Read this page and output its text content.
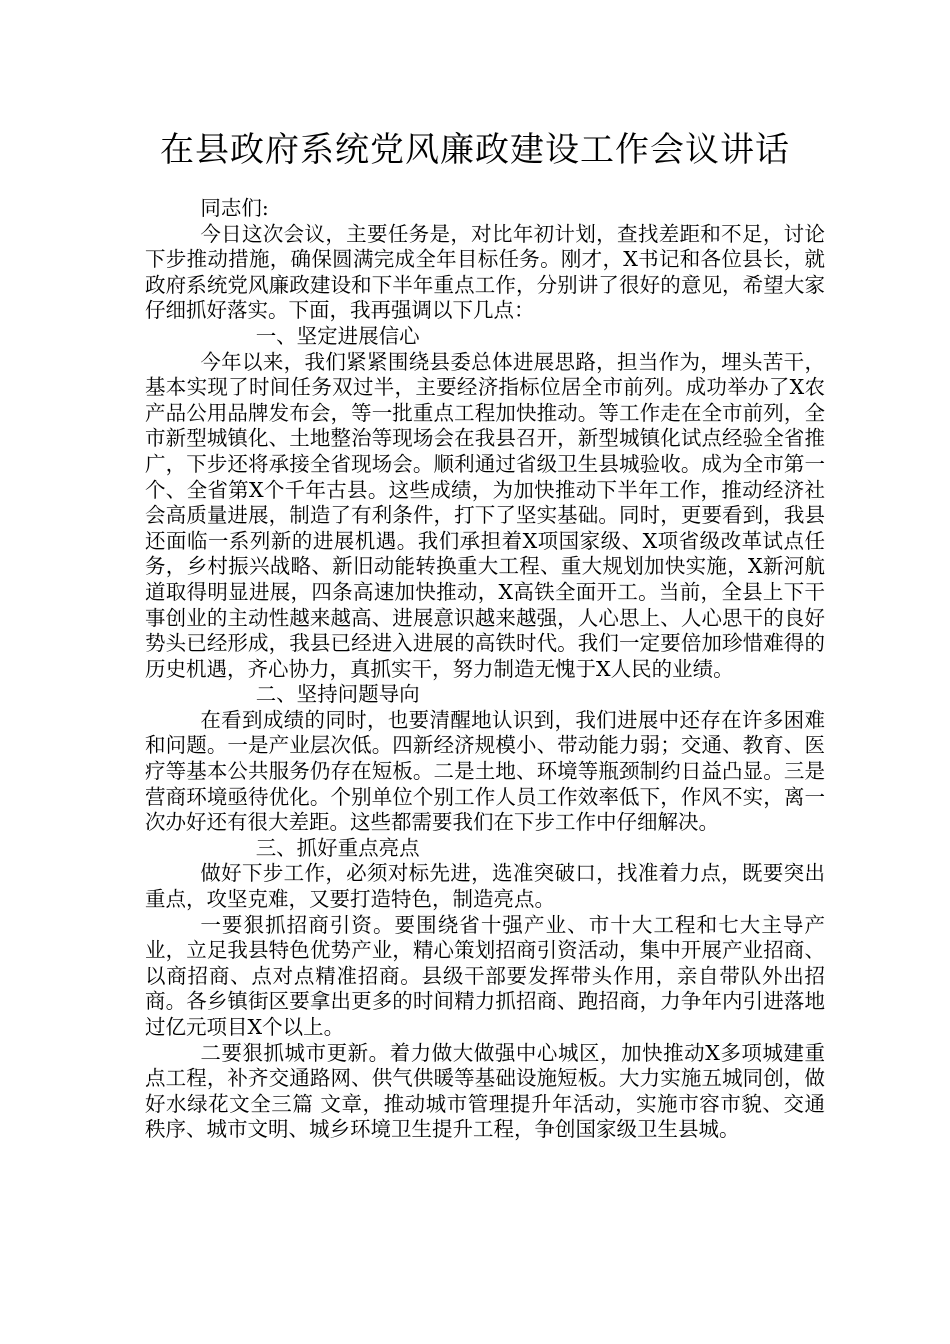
在县政府系统党风廉政建设工作会议讲话

同志们:

今日这次会议，主要任务是，对比年初计划，查找差距和不足，讨论下步推动措施，确保圆满完成全年目标任务。刚才，X书记和各位县长，就政府系统党风廉政建设和下半年重点工作，分别讲了很好的意见，希望大家仔细抓好落实。下面，我再强调以下几点：

一、坚定进展信心

今年以来，我们紧紧围绕县委总体进展思路，担当作为，埋头苦干，基本实现了时间任务双过半，主要经济指标位居全市前列。成功举办了X农产品公用品牌发布会，等一批重点工程加快推动。等工作走在全市前列，全市新型城镇化、土地整治等现场会在我县召开，新型城镇化试点经验全省推广，下步还将承接全省现场会。顺利通过省级卫生县城验收。成为全市第一个、全省第X个千年古县。这些成绩，为加快推动下半年工作，推动经济社会高质量进展，制造了有利条件，打下了坚实基础。同时，更要看到，我县还面临一系列新的进展机遇。我们承担着X项国家级、X项省级改革试点任务，乡村振兴战略、新旧动能转换重大工程、重大规划加快实施，X新河航道取得明显进展，四条高速加快推动，X高铁全面开工。当前，全县上下干事创业的主动性越来越高、进展意识越来越强，人心思上、人心思干的良好势头已经形成，我县已经进入进展的高铁时代。我们一定要倍加珍惜难得的历史机遇，齐心协力，真抓实干，努力制造无愧于X人民的业绩。

二、坚持问题导向

在看到成绩的同时，也要清醒地认识到，我们进展中还存在许多困难和问题。一是产业层次低。四新经济规模小、带动能力弱；交通、教育、医疗等基本公共服务仍存在短板。二是土地、环境等瓶颈制约日益凸显。三是营商环境亟待优化。个别单位个别工作人员工作效率低下，作风不实，离一次办好还有很大差距。这些都需要我们在下步工作中仔细解决。

三、抓好重点亮点

做好下步工作，必须对标先进，选准突破口，找准着力点，既要突出重点，攻坚克难，又要打造特色，制造亮点。

一要狠抓招商引资。要围绕省十强产业、市十大工程和七大主导产业，立足我县特色优势产业，精心策划招商引资活动，集中开展产业招商、以商招商、点对点精准招商。县级干部要发挥带头作用，亲自带队外出招商。各乡镇街区要拿出更多的时间精力抓招商、跑招商，力争年内引进落地过亿元项目X个以上。

二要狠抓城市更新。着力做大做强中心城区，加快推动X多项城建重点工程，补齐交通路网、供气供暖等基础设施短板。大力实施五城同创，做好水绿花文全三篇 文章，推动城市管理提升年活动，实施市容市貌、交通秩序、城市文明、城乡环境卫生提升工程，争创国家级卫生县城。
